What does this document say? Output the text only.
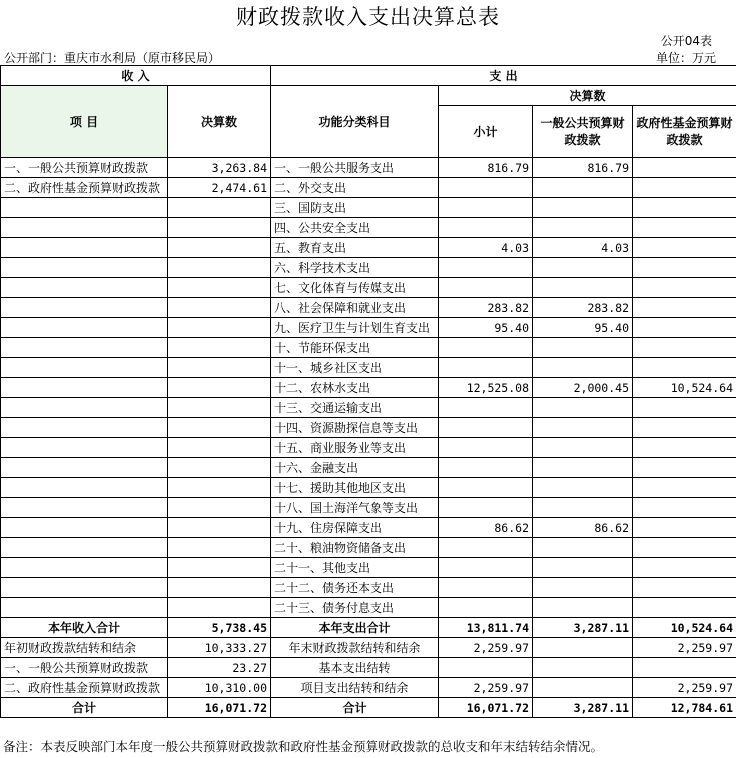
财政拨款收入支出决算总表
公开04表
公开部门：重庆市水利局（原市移民局）	单位：万元
收 入		支 出			
项 目	决算数	功能分类科目	决算数		
			小计	一般公共预算财政拨款	政府性基金预算财政拨款

一、一般公共预算财政拨款	3,263.84	一、一般公共服务支出	816.79	816.79	
二、政府性基金预算财政拨款	2,474.61	二、外交支出			
		三、国防支出			
		四、公共安全支出			
		五、教育支出	4.03	4.03	
		六、科学技术支出			
		七、文化体育与传媒支出			
		八、社会保障和就业支出	283.82	283.82	
		九、医疗卫生与计划生育支出	95.40	95.40	
		十、节能环保支出			
		十一、城乡社区支出			
		十二、农林水支出	12,525.08	2,000.45	10,524.64
		十三、交通运输支出			
		十四、资源勘探信息等支出			
		十五、商业服务业等支出			
		十六、金融支出			
		十七、援助其他地区支出			
		十八、国土海洋气象等支出			
		十九、住房保障支出	86.62	86.62	
		二十、粮油物资储备支出			
		二十一、其他支出			
		二十二、债务还本支出			
		二十三、债务付息支出			
本年收入合计	5,738.45	本年支出合计	13,811.74	3,287.11	10,524.64
年初财政拨款结转和结余	10,333.27	年末财政拨款结转和结余	2,259.97		2,259.97
一、一般公共预算财政拨款	23.27	基本支出结转			
二、政府性基金预算财政拨款	10,310.00	项目支出结转和结余	2,259.97		2,259.97
合计	16,071.72	合计	16,071.72	3,287.11	12,784.61
备注：本表反映部门本年度一般公共预算财政拨款和政府性基金预算财政拨款的总收支和年末结转结余情况。
